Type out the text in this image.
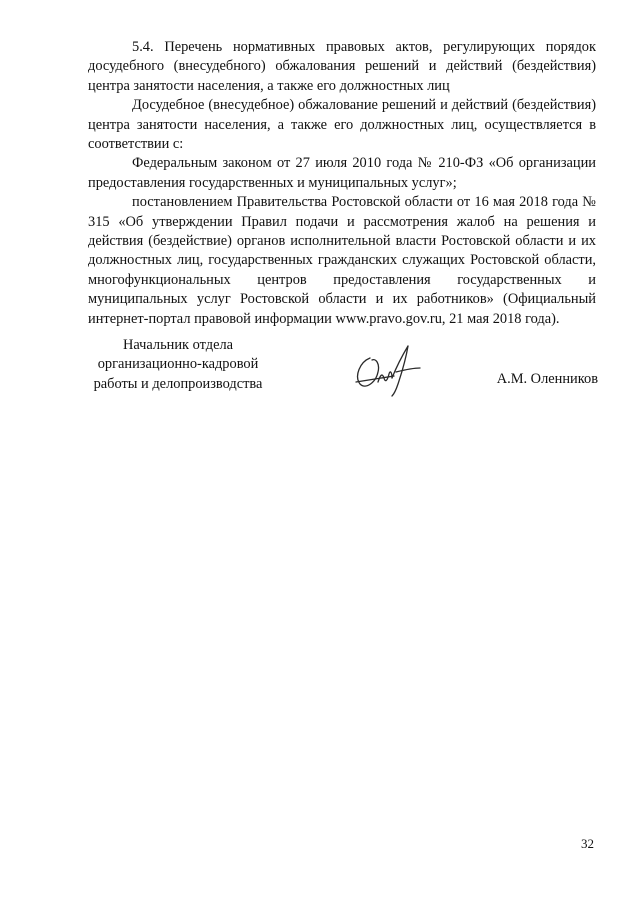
5.4. Перечень нормативных правовых актов, регулирующих порядок досудебного (внесудебного) обжалования решений и действий (бездействия) центра занятости населения, а также его должностных лиц

Досудебное (внесудебное) обжалование решений и действий (бездействия) центра занятости населения, а также его должностных лиц, осуществляется в соответствии с:

Федеральным законом от 27 июля 2010 года № 210-ФЗ «Об организации предоставления государственных и муниципальных услуг»;

постановлением Правительства Ростовской области от 16 мая 2018 года № 315 «Об утверждении Правил подачи и рассмотрения жалоб на решения и действия (бездействие) органов исполнительной власти Ростовской области и их должностных лиц, государственных гражданских служащих Ростовской области, многофункциональных центров предоставления государственных и муниципальных услуг Ростовской области и их работников» (Официальный интернет-портал правовой информации www.pravo.gov.ru, 21 мая 2018 года).

Начальник отдела
организационно-кадровой
работы и делопроизводства	А.М. Оленников
32
